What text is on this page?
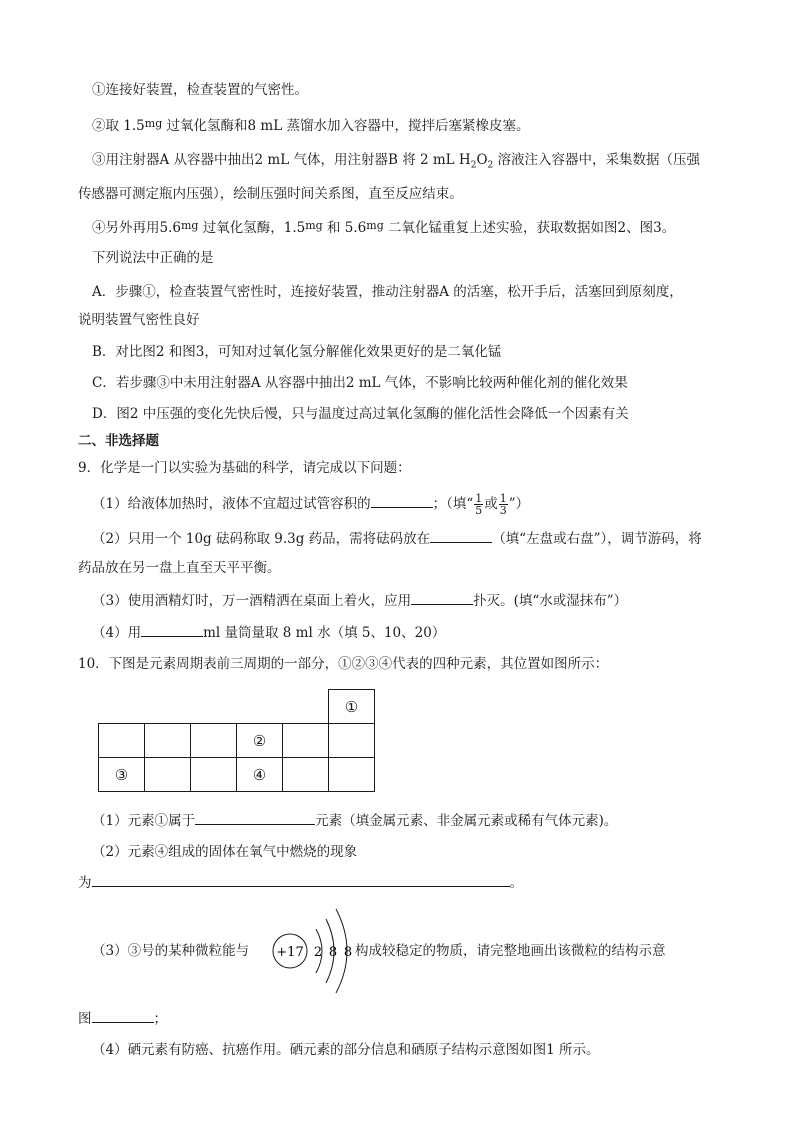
①连接好装置，检查装置的气密性。
②取 $1.5^{mg}$ 过氧化氢酶和8 mL 蒸馏水加入容器中，搅拌后塞紧橡皮塞。
③用注射器A 从容器中抽出2 mL 气体，用注射器B 将 2 mL $H_2O_2$ 溶液注入容器中，采集数据（压强
传感器可测定瓶内压强），绘制压强时间关系图，直至反应结束。
④另外再用$5.6^{mg}$ 过氧化氢酶，$1.5^{mg}$ 和 $5.6^{mg}$ 二氧化锰重复上述实验，获取数据如图2、图3。
下列说法中正确的是
A．步骤①，检查装置气密性时，连接好装置，推动注射器A 的活塞，松开手后，活塞回到原刻度，
说明装置气密性良好
B．对比图2 和图3，可知对过氧化氢分解催化效果更好的是二氧化锰
C．若步骤③中未用注射器A 从容器中抽出2 mL 气体，不影响比较两种催化剂的催化效果
D．图2 中压强的变化先快后慢，只与温度过高过氧化氢酶的催化活性会降低一个因素有关
二、非选择题
9．化学是一门以实验为基础的科学，请完成以下问题：
（1）给液体加热时，液体不宜超过试管容积的	；（填“ $\frac{1}{5}$ 或 $\frac{1}{3}$ ”）
（2）只用一个 10g 砝码称取 9.3g 药品，需将砝码放在	（填“左盘或右盘”），调节游码，将
药品放在另一盘上直至天平平衡。
（3）使用酒精灯时，万一酒精洒在桌面上着火，应用	扑灭。(填“水或湿抹布”）
（4）用	ml 量筒量取 8 ml 水（填 5、10、20）
10．下图是元素周期表前三周期的一部分，①②③④代表的四种元素，其位置如图所示：
					①
			②		
③			④		
（1）元素①属于	元素（填金属元素、非金属元素或稀有气体元素)。
（2）元素④组成的固体在氧气中燃烧的现象
为	。
（3）③号的某种微粒能与 +17 2 8 8 构成较稳定的物质，请完整地画出该微粒的结构示意
图	；
（4）硒元素有防癌、抗癌作用。硒元素的部分信息和硒原子结构示意图如图1 所示。
